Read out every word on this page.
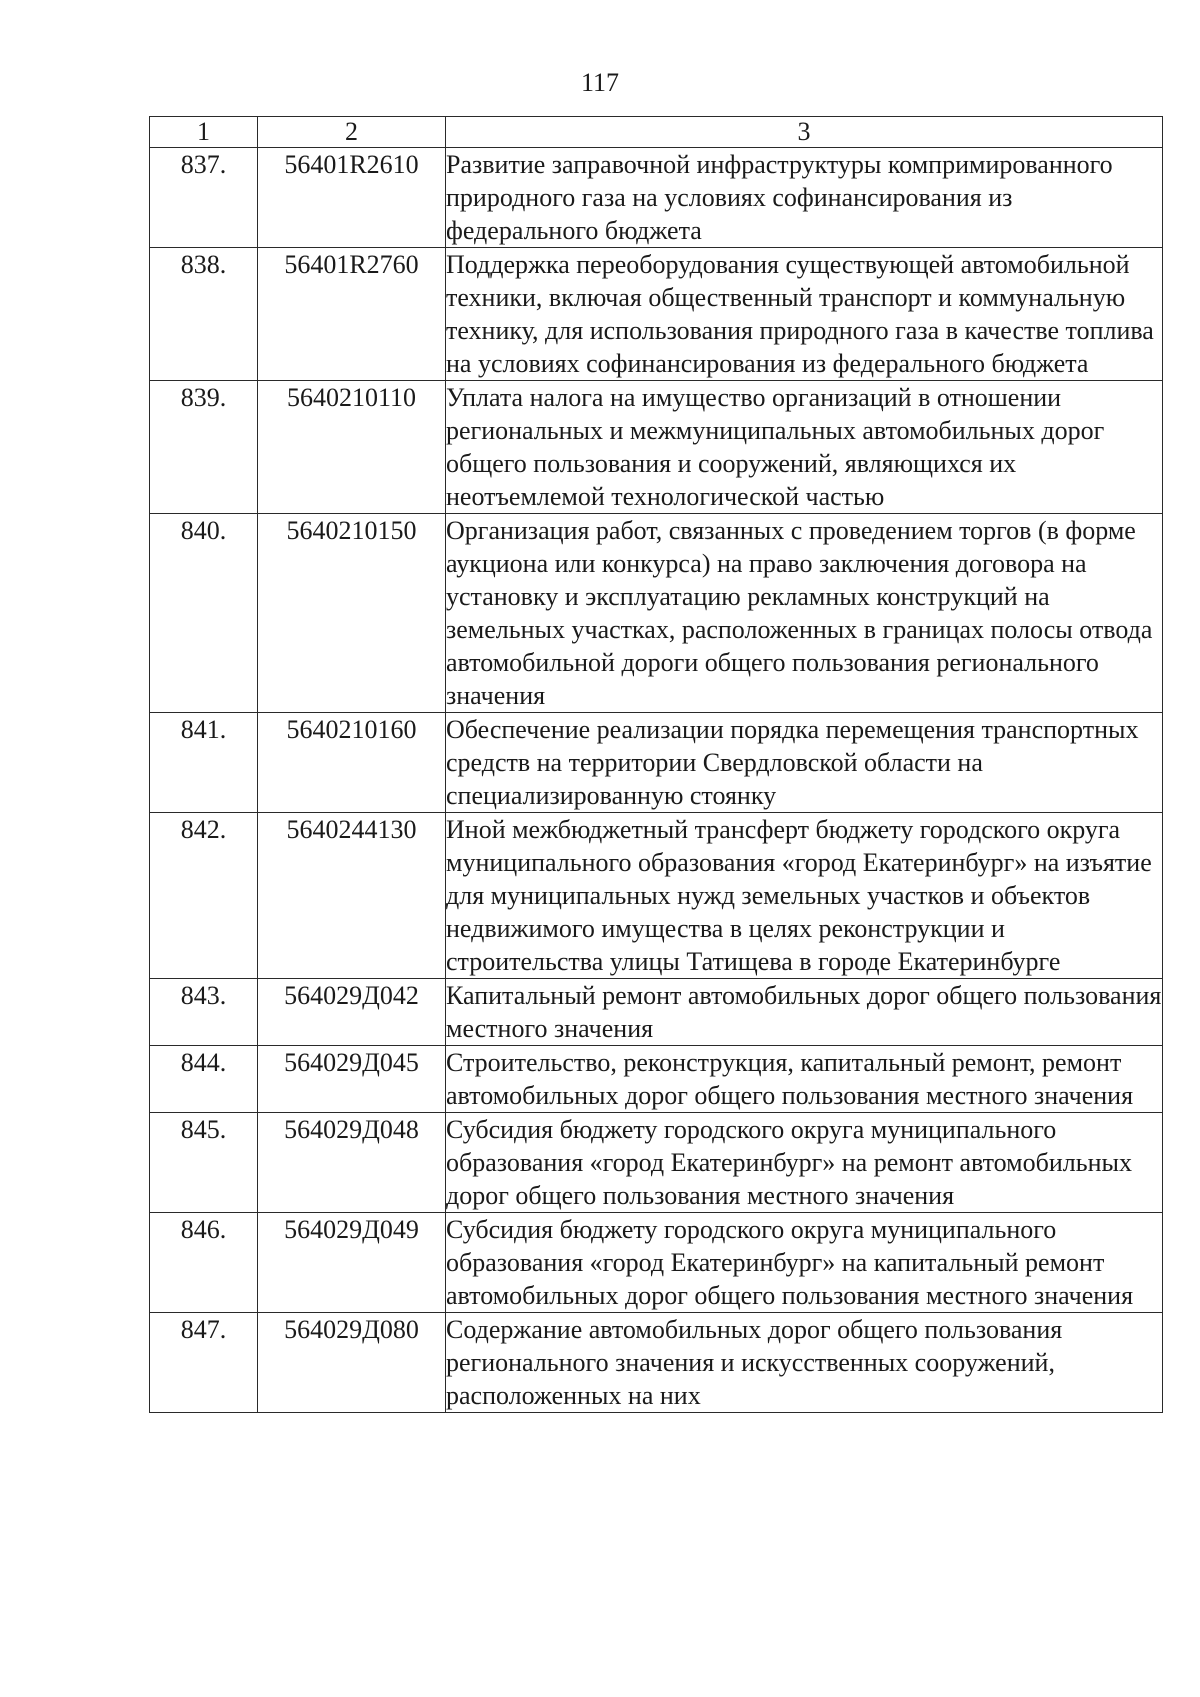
117
1	2	3
837.	56401R2610	Развитие заправочной инфраструктуры компримированного природного газа на условиях софинансирования из федерального бюджета
838.	56401R2760	Поддержка переоборудования существующей автомобильной техники, включая общественный транспорт и коммунальную технику, для использования природного газа в качестве топлива на условиях софинансирования из федерального бюджета
839.	5640210110	Уплата налога на имущество организаций в отношении региональных и межмуниципальных автомобильных дорог общего пользования и сооружений, являющихся их неотъемлемой технологической частью
840.	5640210150	Организация работ, связанных с проведением торгов (в форме аукциона или конкурса) на право заключения договора на установку и эксплуатацию рекламных конструкций на земельных участках, расположенных в границах полосы отвода автомобильной дороги общего пользования регионального значения
841.	5640210160	Обеспечение реализации порядка перемещения транспортных средств на территории Свердловской области на специализированную стоянку
842.	5640244130	Иной межбюджетный трансферт бюджету городского округа муниципального образования «город Екатеринбург» на изъятие для муниципальных нужд земельных участков и объектов недвижимого имущества в целях реконструкции и строительства улицы Татищева в городе Екатеринбурге
843.	564029Д042	Капитальный ремонт автомобильных дорог общего пользования местного значения
844.	564029Д045	Строительство, реконструкция, капитальный ремонт, ремонт автомобильных дорог общего пользования местного значения
845.	564029Д048	Субсидия бюджету городского округа муниципального образования «город Екатеринбург» на ремонт автомобильных дорог общего пользования местного значения
846.	564029Д049	Субсидия бюджету городского округа муниципального образования «город Екатеринбург» на капитальный ремонт автомобильных дорог общего пользования местного значения
847.	564029Д080	Содержание автомобильных дорог общего пользования регионального значения и искусственных сооружений, расположенных на них
